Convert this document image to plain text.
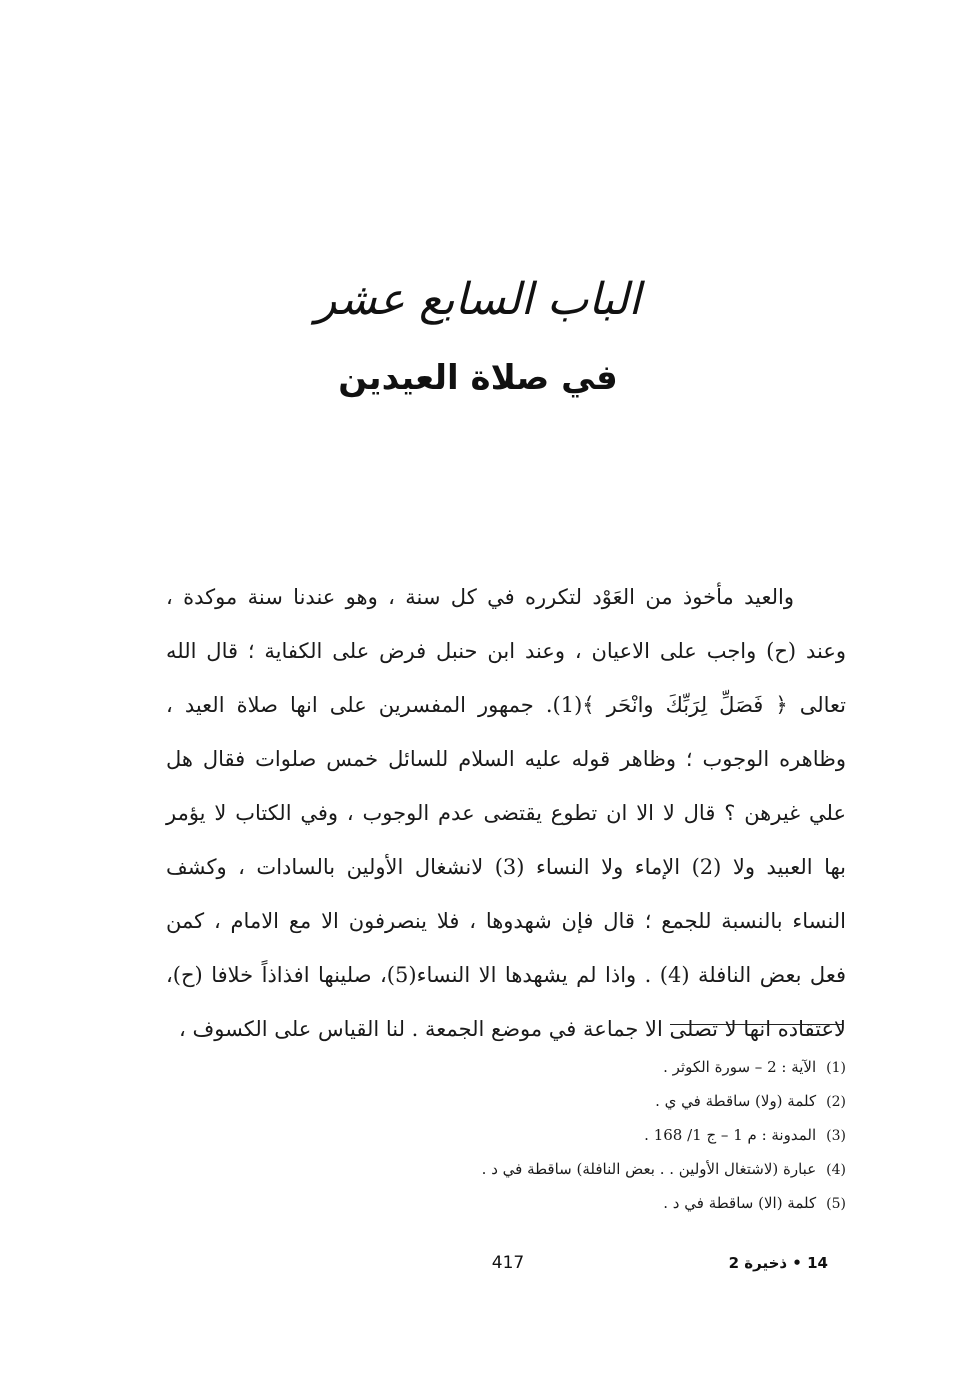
الباب السابع عشر
في صلاة العيدين
والعيد مأخوذ من العَوْد لتكرره في كل سنة ، وهو عندنا سنة موكدة ،
وعند (ح) واجب على الاعيان ، وعند ابن حنبل فرض على الكفاية ؛ قال الله
تعالى ﴿ فَصَلِّ لِرَبِّكَ وانْحَر ﴾(1). جمهور المفسرين على انها صلاة العيد ،
وظاهره الوجوب ؛ وظاهر قوله عليه السلام للسائل خمس صلوات فقال هل
علي غيرهن ؟ قال لا الا ان تطوع يقتضى عدم الوجوب ، وفي الكتاب لا يؤمر
بها العبيد ولا (2) الإماء ولا النساء (3) لانشغال الأولين بالسادات ، وكشف
النساء بالنسبة للجمع ؛ قال فإن شهدوها ، فلا ينصرفون الا مع الامام ، كمن
فعل بعض النافلة (4) . واذا لم يشهدها الا النساء(5)، صلينها افذاذاً خلافا (ح)،
لاعتقاده انها لا تصلى الا جماعة في موضع الجمعة . لنا القياس على الكسوف ،
(1)الآية : 2 – سورة الكوثر .
(2)كلمة (ولا) ساقطة في ي .
(3)المدونة : م 1 – ج 1/ 168 .
(4)عبارة (لاشتغال الأولين . . بعض النافلة) ساقطة في د .
(5)كلمة (الا) ساقطة في د .
417	14 • ذخيرة 2
